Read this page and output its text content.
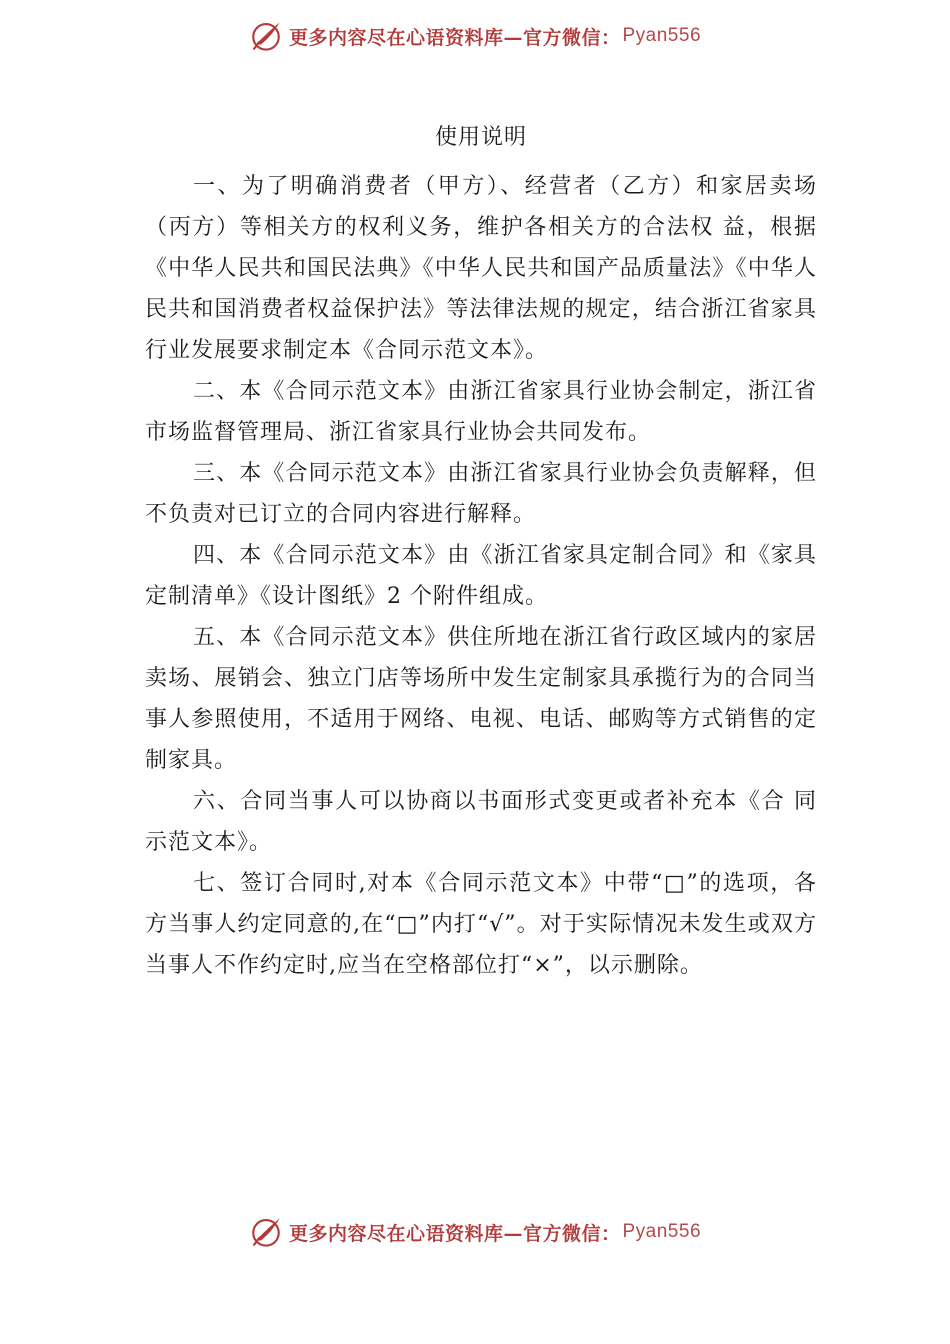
更多内容尽在心语资料库—官方微信： Pyan556
使用说明

一、为了明确消费者（甲方）、经营者（乙方）和家居卖场（丙方）等相关方的权利义务，维护各相关方的合法权 益，根据《中华人民共和国民法典》《中华人民共和国产品质量法》《中华人民共和国消费者权益保护法》等法律法规的规定，结合浙江省家具行业发展要求制定本《合同示范文本》。

二、本《合同示范文本》由浙江省家具行业协会制定，浙江省市场监督管理局、浙江省家具行业协会共同发布。

三、本《合同示范文本》由浙江省家具行业协会负责解释，但不负责对已订立的合同内容进行解释。

四、本《合同示范文本》由《浙江省家具定制合同》和《家具定制清单》《设计图纸》2 个附件组成。

五、本《合同示范文本》供住所地在浙江省行政区域内的家居卖场、展销会、独立门店等场所中发生定制家具承揽行为的合同当事人参照使用，不适用于网络、电视、电话、邮购等方式销售的定制家具。

六、合同当事人可以协商以书面形式变更或者补充本《合 同示范文本》。

七、签订合同时,对本《合同示范文本》中带“□”的选项，各方当事人约定同意的,在“□”内打“√”。对于实际情况未发生或双方当事人不作约定时,应当在空格部位打“×”，以示删除。

更多内容尽在心语资料库—官方微信： Pyan556
